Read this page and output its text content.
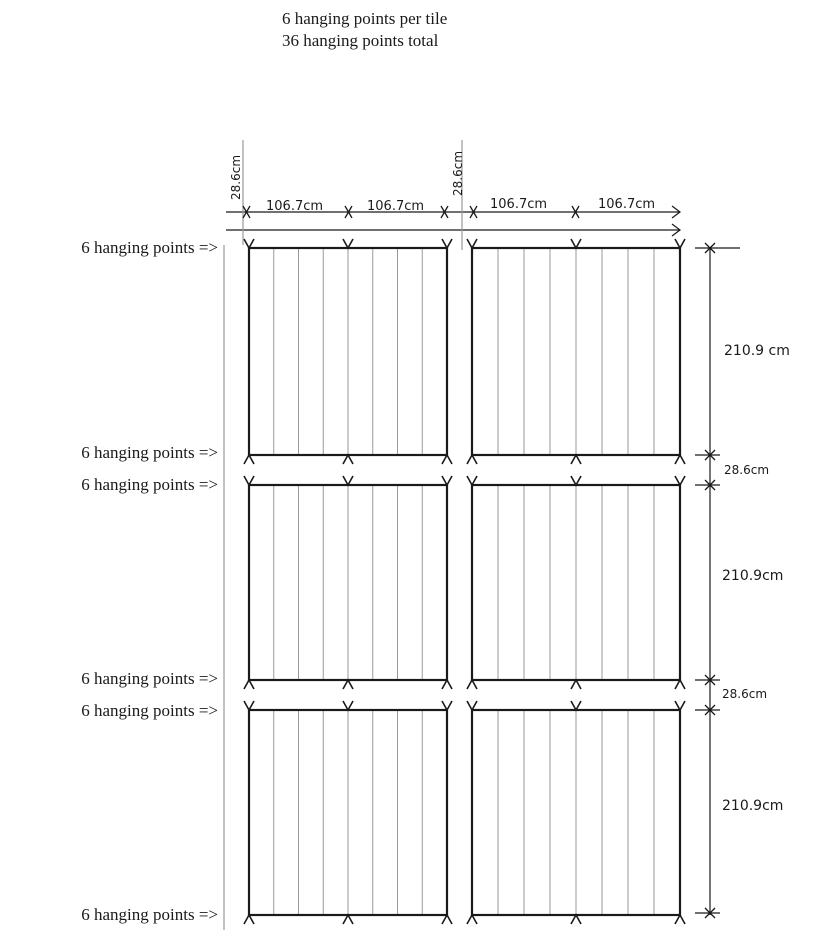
6 hanging points per tile
36 hanging points total
6 hanging points =>
6 hanging points =>
6 hanging points =>
6 hanging points =>
6 hanging points =>
6 hanging points =>
28.6cm
106.7cm	106.7cm
28.6cm
106.7cm	106.7cm
210.9 cm
28.6cm
210.9cm
28.6cm
210.9cm
